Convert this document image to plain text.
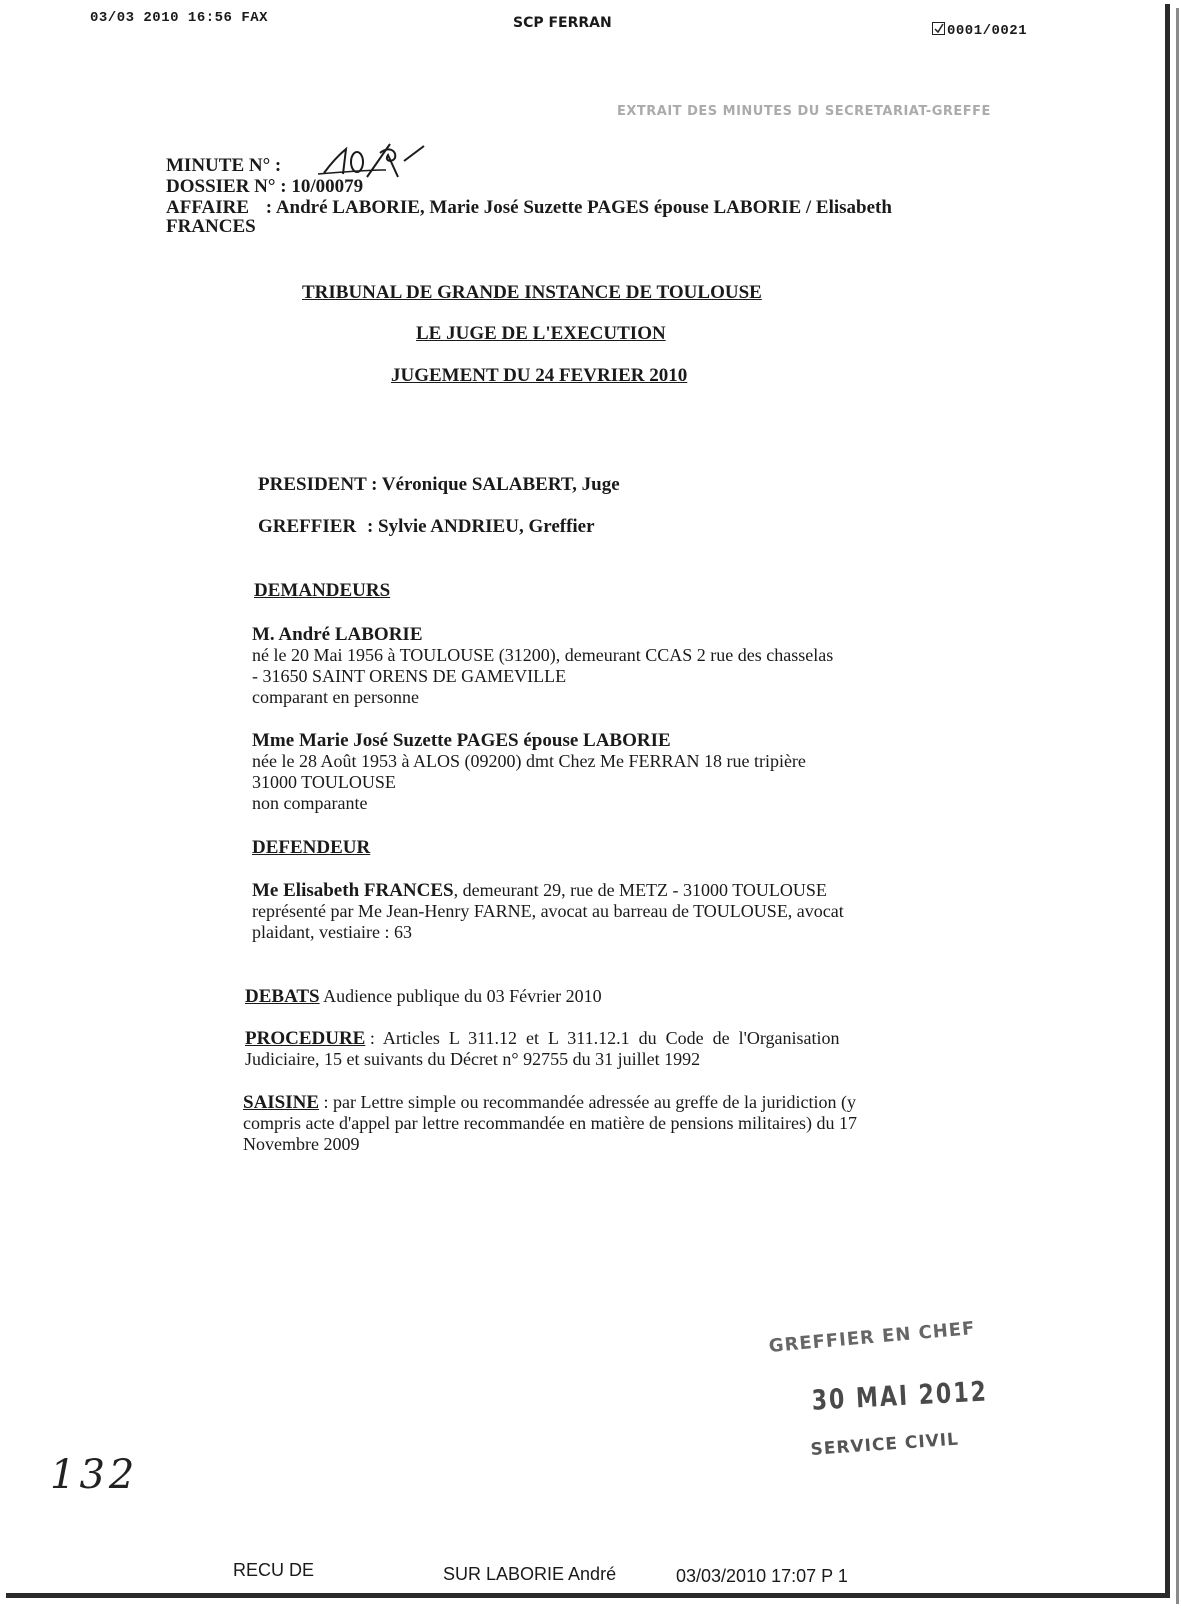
03/03 2010 16:56 FAX	SCP FERRAN	0001/0021
EXTRAIT DES MINUTES DU SECRETARIAT-GREFFE
MINUTE N° :
DOSSIER N° : 10/00079
AFFAIRE : André LABORIE, Marie José Suzette PAGES épouse LABORIE / Elisabeth
FRANCES
TRIBUNAL DE GRANDE INSTANCE DE TOULOUSE
LE JUGE DE L'EXECUTION
JUGEMENT DU 24 FEVRIER 2010
PRESIDENT : Véronique SALABERT, Juge
GREFFIER : Sylvie ANDRIEU, Greffier
DEMANDEURS
M. André LABORIE
né le 20 Mai 1956 à TOULOUSE (31200), demeurant CCAS 2 rue des chasselas
- 31650 SAINT ORENS DE GAMEVILLE
comparant en personne
Mme Marie José Suzette PAGES épouse LABORIE
née le 28 Août 1953 à ALOS (09200) dmt Chez Me FERRAN 18 rue tripière
31000 TOULOUSE
non comparante
DEFENDEUR
Me Elisabeth FRANCES, demeurant 29, rue de METZ - 31000 TOULOUSE
représenté par Me Jean-Henry FARNE, avocat au barreau de TOULOUSE, avocat
plaidant, vestiaire : 63
DEBATS Audience publique du 03 Février 2010
PROCEDURE :  Articles  L  311.12  et  L  311.12.1  du  Code  de  l'Organisation
Judiciaire, 15 et suivants du Décret n° 92755 du 31 juillet 1992
SAISINE : par Lettre simple ou recommandée adressée au greffe de la juridiction (y
compris acte d'appel par lettre recommandée en matière de pensions militaires) du 17
Novembre 2009
GREFFIER EN CHEF
30 MAI 2012
SERVICE CIVIL
132
RECU DE	SUR LABORIE André	03/03/2010 17:07 P 1
